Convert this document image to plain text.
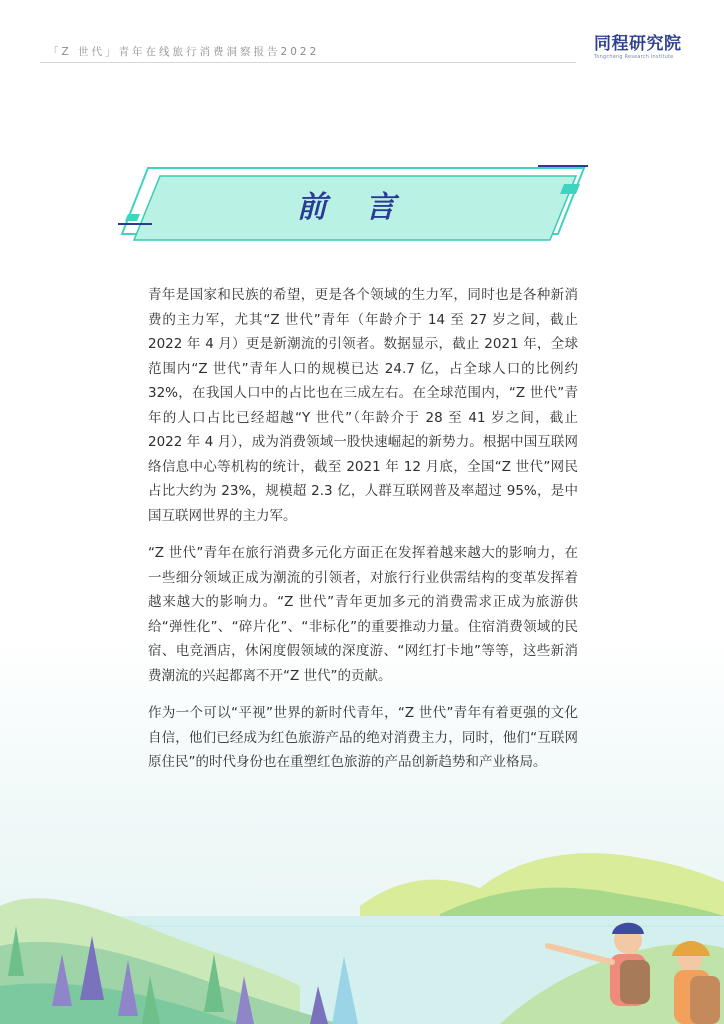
「Z 世代」青年在线旅行消费洞察报告2022	同程研究院
Tongcheng Research Institute
前 言

青年是国家和民族的希望，更是各个领域的生力军，同时也是各种新消费的主力军，尤其“Z 世代”青年（年龄介于 14 至 27 岁之间，截止 2022 年 4 月）更是新潮流的引领者。数据显示，截止 2021 年，全球范围内“Z 世代”青年人口的规模已达 24.7 亿，占全球人口的比例约 32%，在我国人口中的占比也在三成左右。在全球范围内，“Z 世代”青年的人口占比已经超越“Y 世代”（年龄介于 28 至 41 岁之间，截止 2022 年 4 月），成为消费领域一股快速崛起的新势力。根据中国互联网络信息中心等机构的统计，截至 2021 年 12 月底，全国“Z 世代”网民占比大约为 23%，规模超 2.3 亿，人群互联网普及率超过 95%，是中国互联网世界的主力军。

“Z 世代”青年在旅行消费多元化方面正在发挥着越来越大的影响力，在一些细分领域正成为潮流的引领者，对旅行行业供需结构的变革发挥着越来越大的影响力。“Z 世代”青年更加多元的消费需求正成为旅游供给“弹性化”、“碎片化”、“非标化”的重要推动力量。住宿消费领域的民宿、电竞酒店，休闲度假领域的深度游、“网红打卡地”等等，这些新消费潮流的兴起都离不开“Z 世代”的贡献。

作为一个可以“平视”世界的新时代青年，“Z 世代”青年有着更强的文化自信，他们已经成为红色旅游产品的绝对消费主力，同时，他们“互联网原住民”的时代身份也在重塑红色旅游的产品创新趋势和产业格局。
